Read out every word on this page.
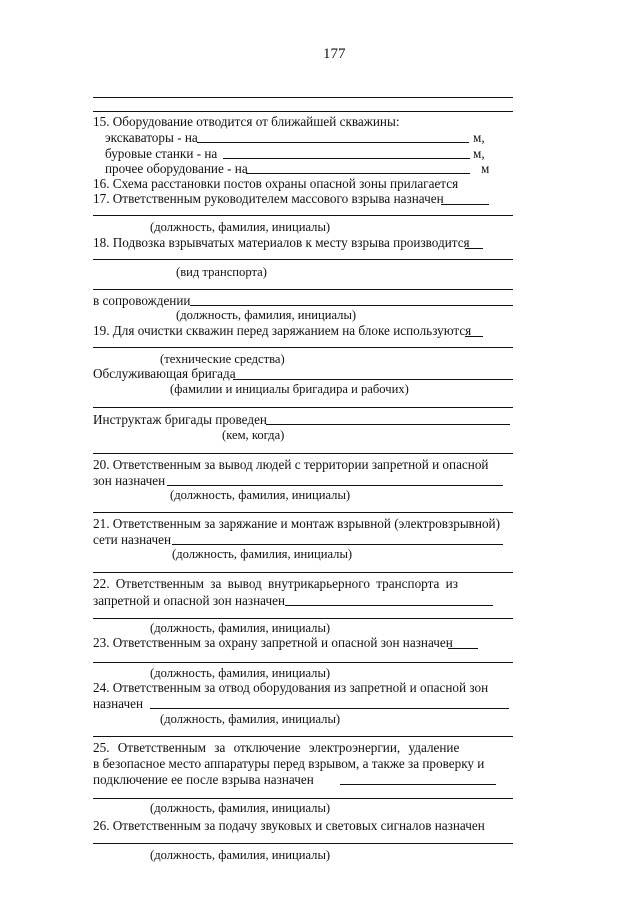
177
15. Оборудование отводится от ближайшей скважины:
экскаваторы - на	м,
буровые станки - на	м,
прочее оборудование - на	м
16. Схема расстановки постов охраны опасной зоны прилагается
17. Ответственным руководителем массового взрыва назначен
(должность, фамилия, инициалы)
18. Подвозка взрывчатых материалов к месту взрыва производится
(вид транспорта)
в сопровождении
(должность, фамилия, инициалы)
19. Для очистки скважин перед заряжанием на блоке используются
(технические средства)
Обслуживающая бригада
(фамилии и инициалы бригадира и рабочих)
Инструктаж бригады проведен
(кем, когда)
20. Ответственным за вывод людей с территории запретной и опасной
зон назначен
(должность, фамилия, инициалы)
21. Ответственным за заряжание и монтаж взрывной (электровзрывной)
сети назначен
(должность, фамилия, инициалы)
22. Ответственным за вывод внутрикарьерного транспорта из
запретной и опасной зон назначен
(должность, фамилия, инициалы)
23. Ответственным за охрану запретной и опасной зон назначен
(должность, фамилия, инициалы)
24. Ответственным за отвод оборудования из запретной и опасной зон
назначен
(должность, фамилия, инициалы)
25. Ответственным за отключение электроэнергии, удаление
в безопасное место аппаратуры перед взрывом, а также за проверку и
подключение ее после взрыва назначен
(должность, фамилия, инициалы)
26. Ответственным за подачу звуковых и световых сигналов назначен
(должность, фамилия, инициалы)
